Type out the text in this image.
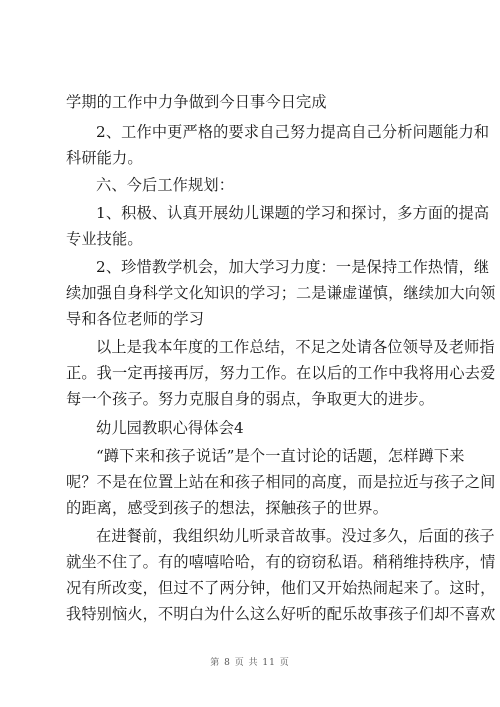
学期的工作中力争做到今日事今日完成
2、工作中更严格的要求自己努力提高自己分析问题能力和
科研能力。
六、今后工作规划：
1、积极、认真开展幼儿课题的学习和探讨，多方面的提高
专业技能。
2、珍惜教学机会，加大学习力度：一是保持工作热情，继
续加强自身科学文化知识的学习；二是谦虚谨慎，继续加大向领
导和各位老师的学习
以上是我本年度的工作总结，不足之处请各位领导及老师指
正。我一定再接再厉，努力工作。在以后的工作中我将用心去爱
每一个孩子。努力克服自身的弱点，争取更大的进步。
幼儿园教职心得体会4
“蹲下来和孩子说话”是个一直讨论的话题，怎样蹲下来
呢？不是在位置上站在和孩子相同的高度，而是拉近与孩子之间
的距离，感受到孩子的想法，探触孩子的世界。
在进餐前，我组织幼儿听录音故事。没过多久，后面的孩子
就坐不住了。有的嘻嘻哈哈，有的窃窃私语。稍稍维持秩序，情
况有所改变，但过不了两分钟，他们又开始热闹起来了。这时，
我特别恼火，不明白为什么这么好听的配乐故事孩子们却不喜欢
第 8 页 共 11 页
